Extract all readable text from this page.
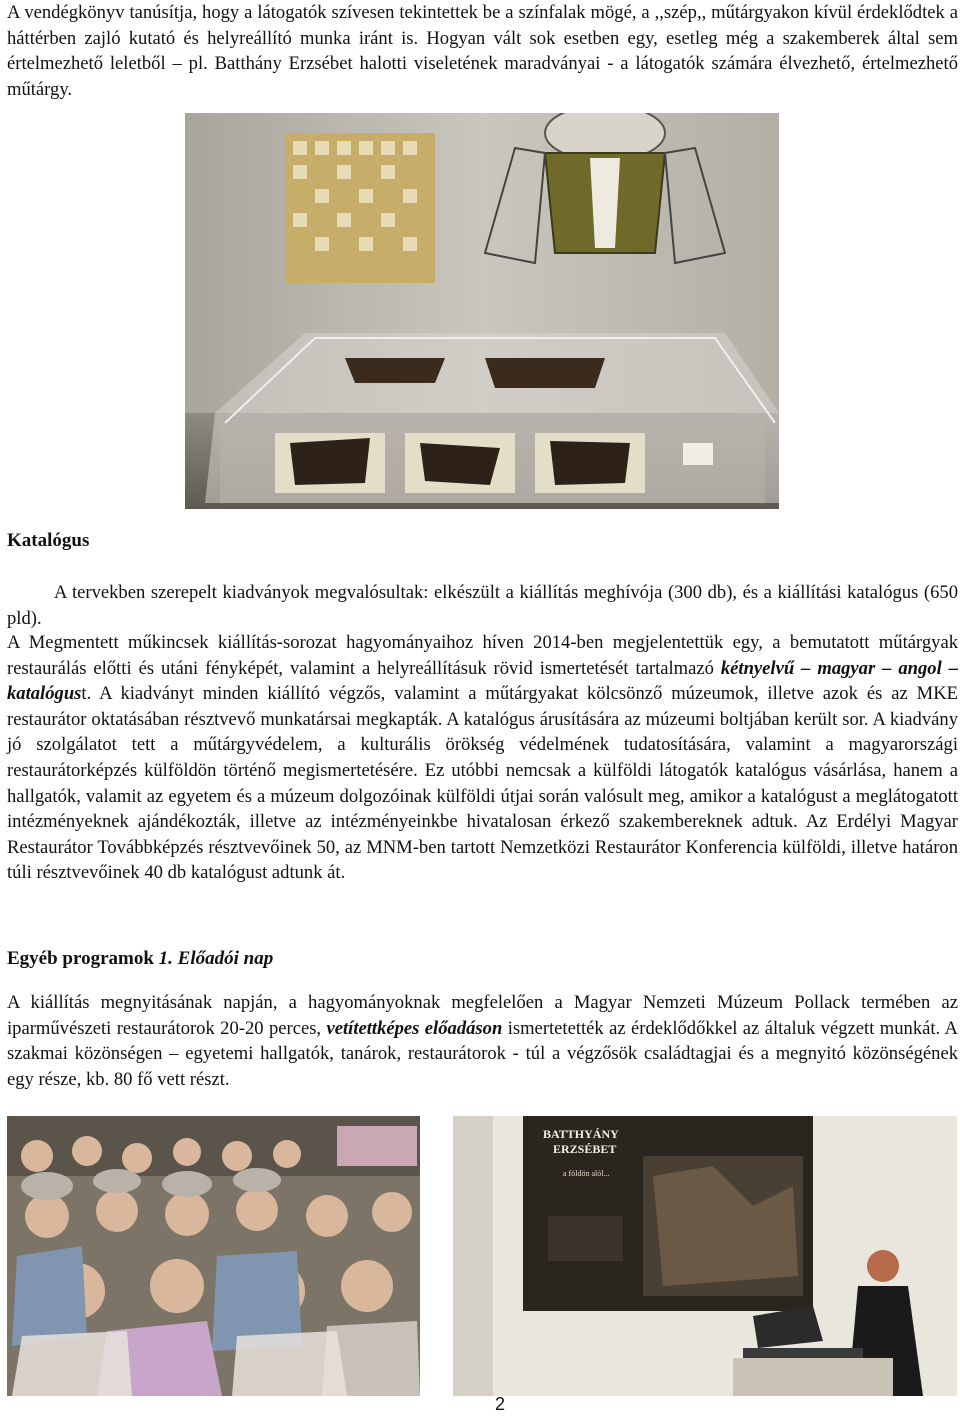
A vendégkönyv tanúsítja, hogy a látogatók szívesen tekintettek be a színfalak mögé, a ,,szép,, műtárgyakon kívül érdeklődtek a háttérben zajló kutató és helyreállító munka iránt is. Hogyan vált sok esetben egy, esetleg még a szakemberek által sem értelmezhető leletből – pl. Batthány Erzsébet halotti viseletének maradványai - a látogatók számára élvezhető, értelmezhető műtárgy.

Katalógus

A tervekben szerepelt kiadványok megvalósultak: elkészült a kiállítás meghívója (300 db), és a kiállítási katalógus (650 pld).

A Megmentett műkincsek kiállítás-sorozat hagyományaihoz híven 2014-ben megjelentettük egy, a bemutatott műtárgyak restaurálás előtti és utáni fényképét, valamint a helyreállításuk rövid ismertetését tartalmazó kétnyelvű – magyar – angol – katalógust. A kiadványt minden kiállító végzős, valamint a műtárgyakat kölcsönző múzeumok, illetve azok és az MKE restaurátor oktatásában résztvevő munkatársai megkapták. A katalógus árusítására az múzeumi boltjában került sor. A kiadvány jó szolgálatot tett a műtárgyvédelem, a kulturális örökség védelmének tudatosítására, valamint a magyarországi restaurátorképzés külföldön történő megismertetésére. Ez utóbbi nemcsak a külföldi látogatók katalógus vásárlása, hanem a hallgatók, valamit az egyetem és a múzeum dolgozóinak külföldi útjai során valósult meg, amikor a katalógust a meglátogatott intézményeknek ajándékozták, illetve az intézményeinkbe hivatalosan érkező szakembereknek adtuk. Az Erdélyi Magyar Restaurátor Továbbképzés résztvevőinek 50, az MNM-ben tartott Nemzetközi Restaurátor Konferencia külföldi, illetve határon túli résztvevőinek 40 db katalógust adtunk át.

Egyéb programok 1. Előadói nap

A kiállítás megnyitásának napján, a hagyományoknak megfelelően a Magyar Nemzeti Múzeum Pollack termében az iparművészeti restaurátorok 20-20 perces, vetítettképes előadáson ismertetették az érdeklődőkkel az általuk végzett munkát. A szakmai közönségen – egyetemi hallgatók, tanárok, restaurátorok - túl a végzősök családtagjai és a megnyitó közönségének egy része, kb. 80 fő vett részt.

BATTHYÁNY
ERZSÉBET
a földön alól...
2
